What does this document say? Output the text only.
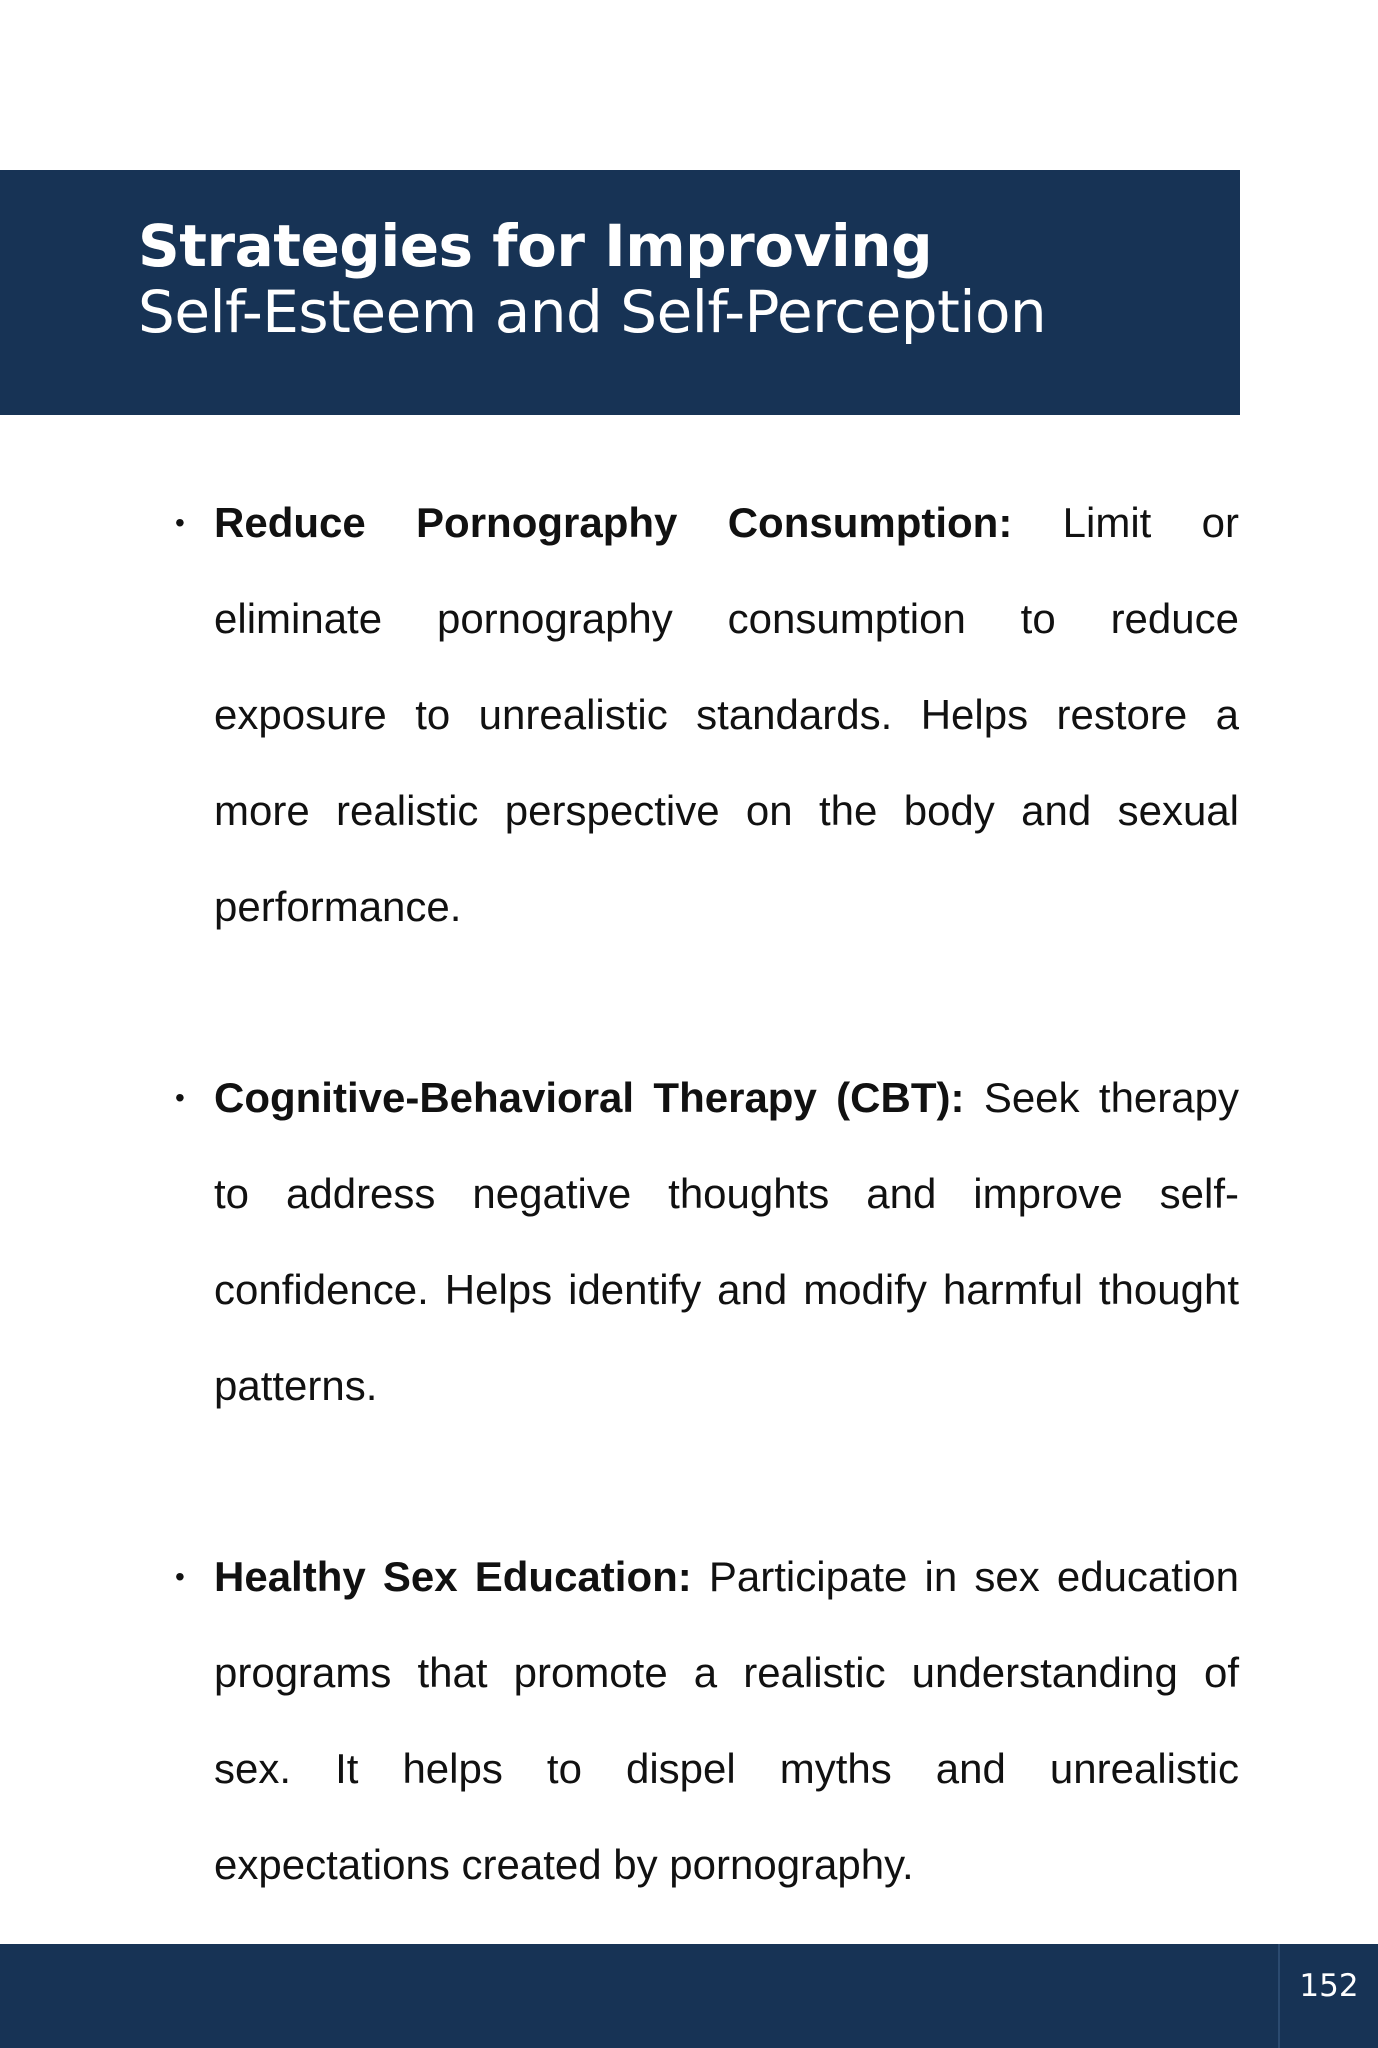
Strategies for Improving
Self-Esteem and Self-Perception
• Reduce Pornography Consumption: Limit or eliminate pornography consumption to reduce exposure to unrealistic standards. Helps restore a more realistic perspective on the body and sexual performance.
• Cognitive-Behavioral Therapy (CBT): Seek therapy to address negative thoughts and improve self-confidence. Helps identify and modify harmful thought patterns.
• Healthy Sex Education: Participate in sex education programs that promote a realistic understanding of sex. It helps to dispel myths and unrealistic expectations created by pornography.
152
